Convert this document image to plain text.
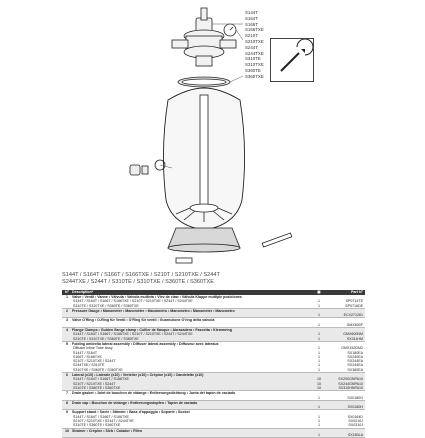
S144T
S164T
S166T
S166TXE
S210T
S210TXE
S244T
S244TXE
S310TE
S310TXE
S360TE
S360TXE
S144T / S164T / S166T / S166TXE / S210T / S210TXE / S244T
S244TXE / S244T / S310TE / S310TXE / S360TE / S360TXE
N° Description*	▦	Part N°
1	Valve • Ventil • Vanne • Válvula • Valvola multivia • Vlev de claw • Válvula Klappe multiple posiciones
S144T / S164T / S166T / S166TXE / S210T / S210TXE / S244T / S244TXE	1	SP0714TE
S310TE / S310TXE / S360TE / S360TXE	1	SP0716DE
2	Pressure Gauge • Manometer • Manomètre • Manómetro • Manometro • Manometer • Manometro
1	ECX271261
3	Valve O'Ring • O-Ring für Ventil • O'Ring für ventil • Guarnizione O'ring della valvola
1	GMX600F
4	Flange Clamps • Gulden flange clamp • Collier de flasque • Abrazadera • Fascetta • Klemmring
S144T / S164T / S166T / S166TXE / S210T / S210TXE / S244T / S244TXE	1	GMX600NM
S310TE / S310TXE / S360TE / S360TXE	1	SX311HM
5	Folding umbrella lateral assembly • Diffuser lateral assembly • Diffuseur avec lateraux
Diffuser Inline Tube Assy	1	GMX152DM2
S144T / S164T	1	SX180EA
S166T / S166TXE	1	SX240EA
S210T / S210TXE / S244T	1	SX244EA
S244TXE / S310TE	1	SX244EA
S310TXE / S360TE / S360TXE	1	SX360EA
6	Lateral (x10) • Laterale (x10) • Verteiler (x10) • Crépine (x10) • Candelette (x10)
S144T / S164T / S166T / S166TXE	10	SX200GNPA10
S210T / S210TXE / S244T	10	SX244GNPA10
S310TE / S360TE / S360TXE	10	SX310HNPA10
7	Drain gasket • Joint de bouchon de vidange • Entleerungsdichtung • Junta del tapón de vaciado
1	SX0180G
8	Drain cap • Bouchon de vidange • Entleerungsstopfen • Tapón de vaciado
1	SX0180H
9	Support stand • Socle • Ständer • Base d'appoggio • Soporte • Sockel
S144T / S164T / S166T / S166TXE	1	SX0164D
S210T / S210TXE / S244T / S244TXE	1	SX0210J
S310TE / S360TE / S360TXE	1	SX0310J
10 Strainer • Crépine • Sieb • Colador • Filtro
1	SX180LA
